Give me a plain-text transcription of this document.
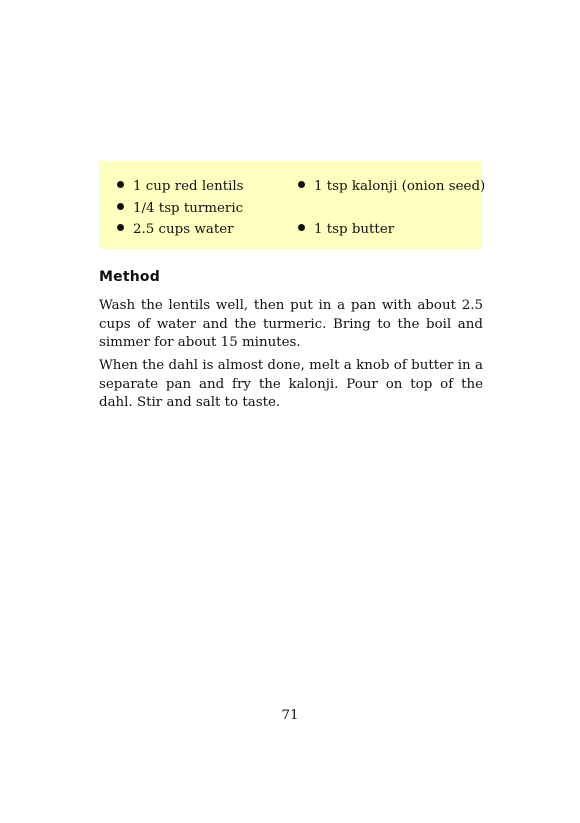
1 cup red lentils
1/4 tsp turmeric
2.5 cups water
1 tsp kalonji (onion seed)
1 tsp butter
Method

Wash the lentils well, then put in a pan with about 2.5 cups of water and the turmeric. Bring to the boil and simmer for about 15 minutes.

When the dahl is almost done, melt a knob of butter in a separate pan and fry the kalonji. Pour on top of the dahl. Stir and salt to taste.

71
